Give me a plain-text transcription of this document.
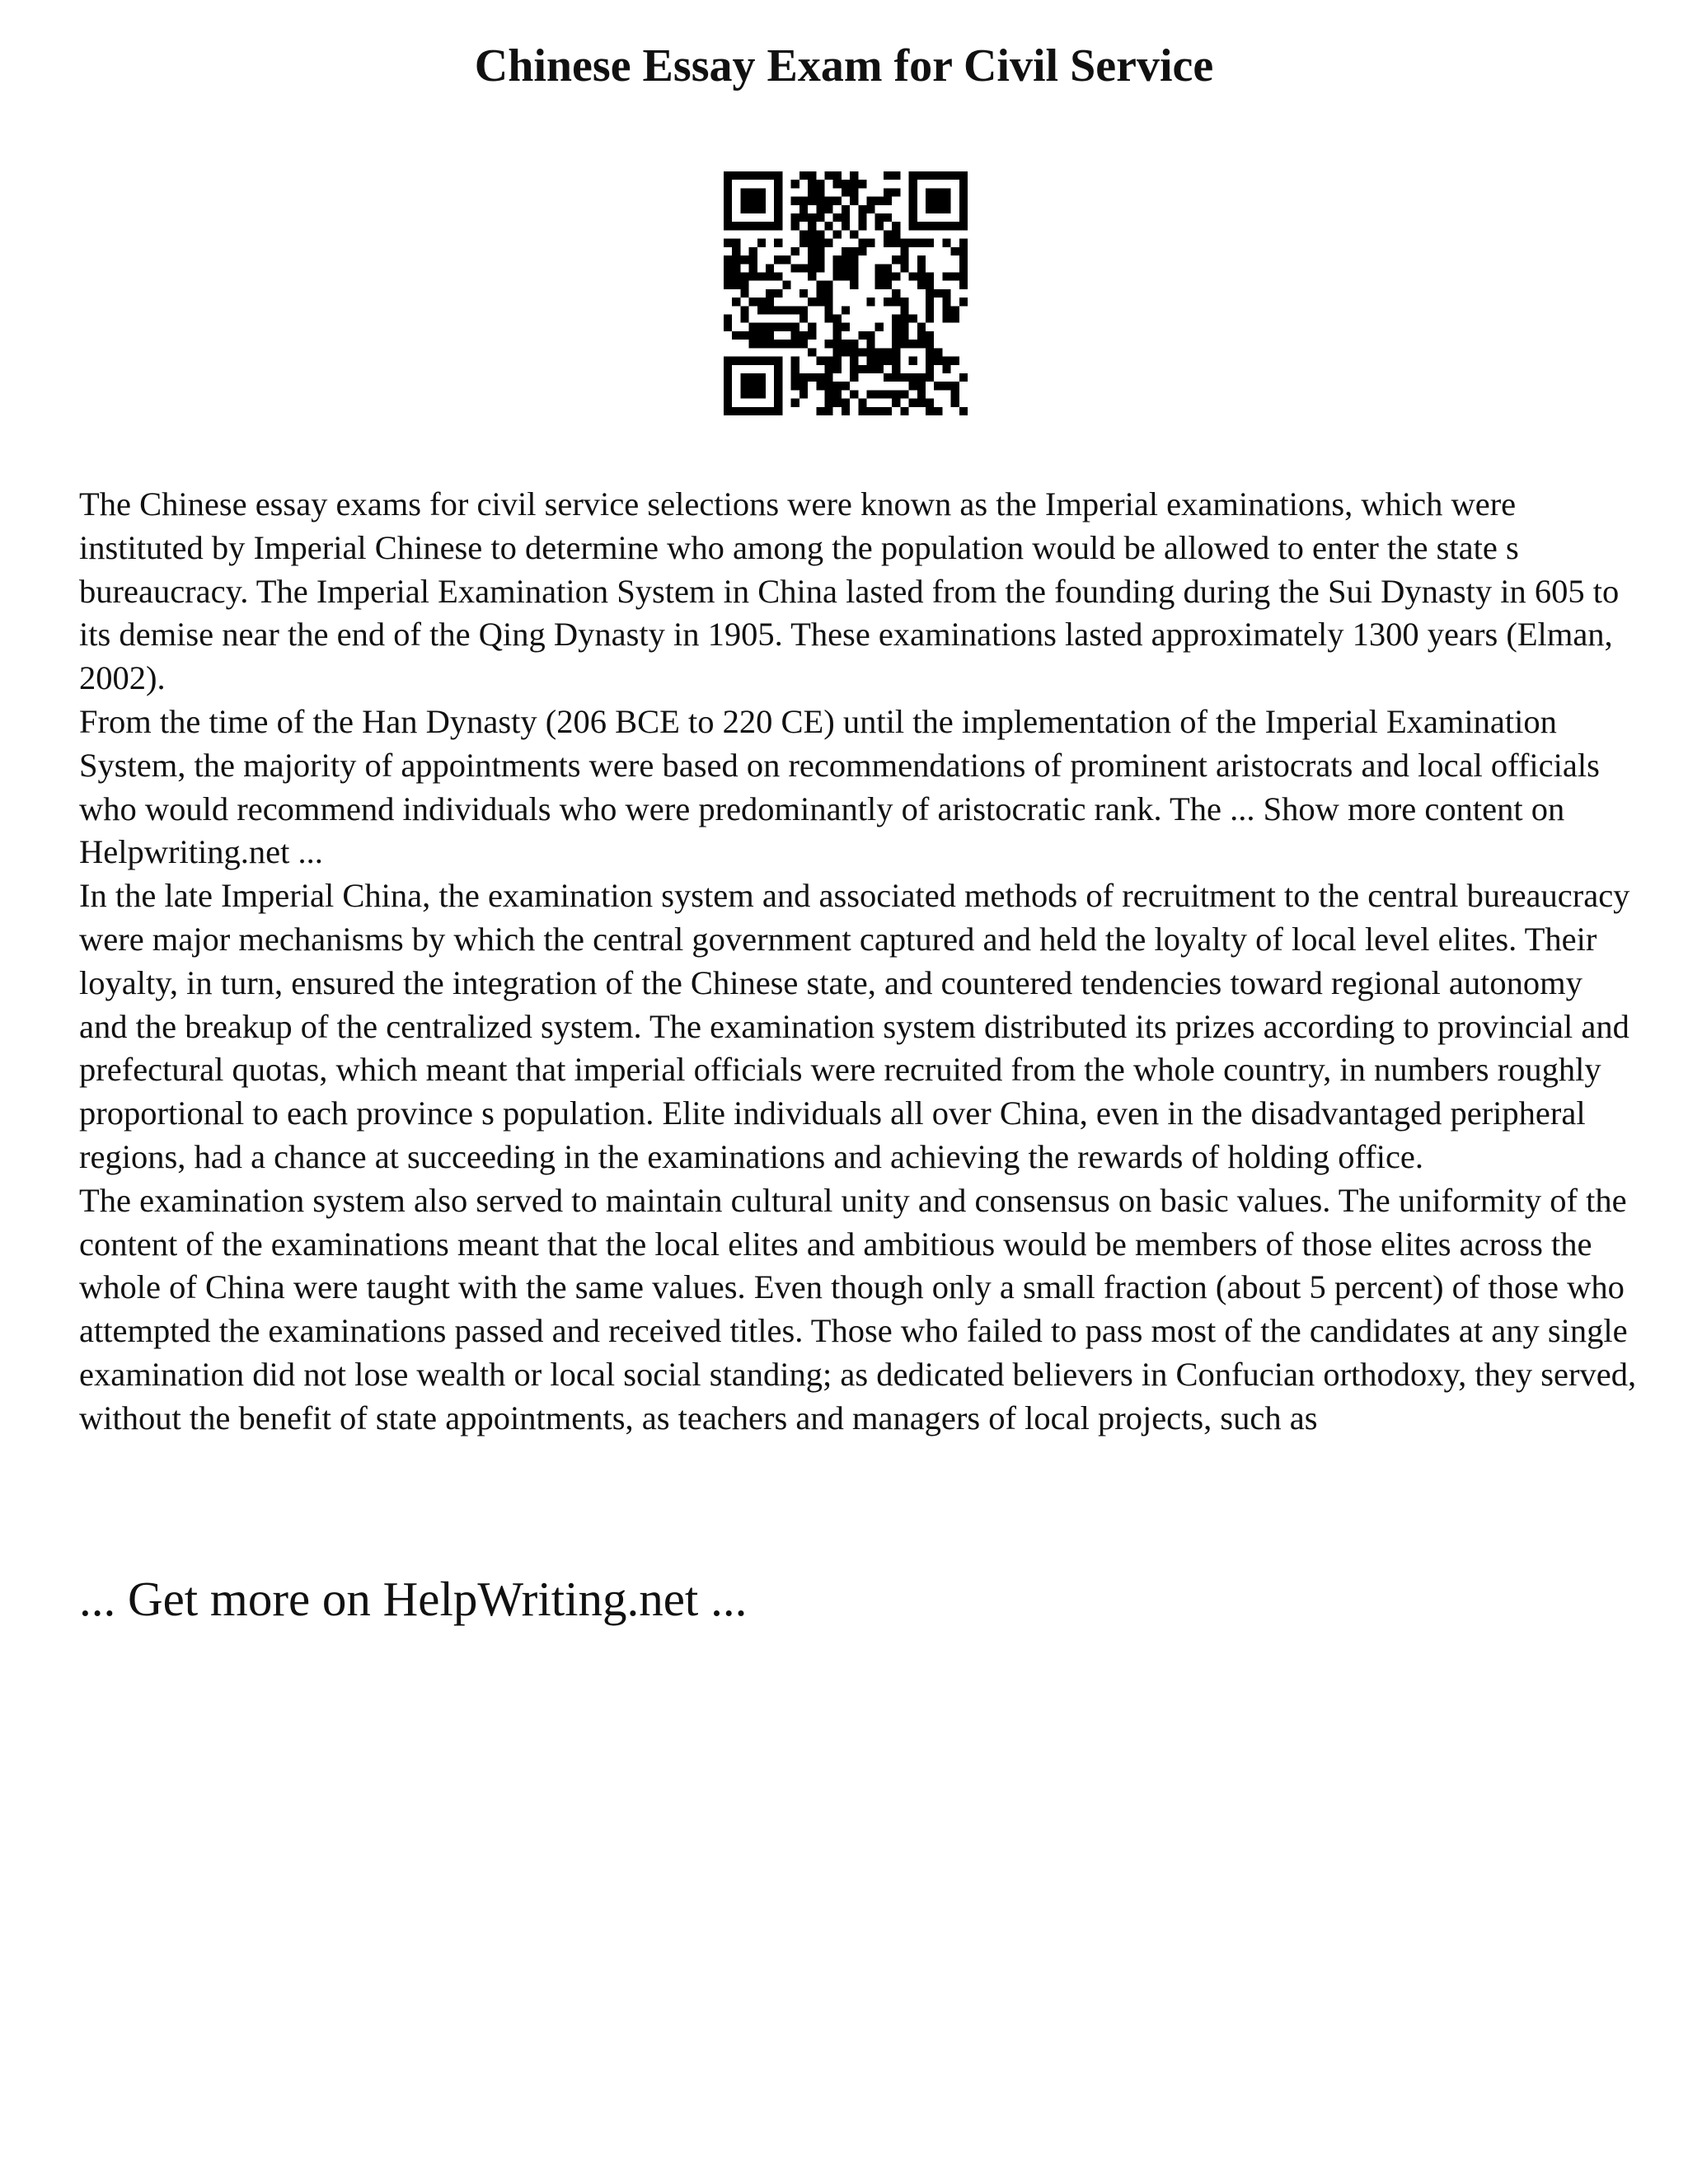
Chinese Essay Exam for Civil Service

The Chinese essay exams for civil service selections were known as the Imperial examinations, which were instituted by Imperial Chinese to determine who among the population would be allowed to enter the state s bureaucracy. The Imperial Examination System in China lasted from the founding during the Sui Dynasty in 605 to its demise near the end of the Qing Dynasty in 1905. These examinations lasted approximately 1300 years (Elman, 2002).

From the time of the Han Dynasty (206 BCE to 220 CE) until the implementation of the Imperial Examination System, the majority of appointments were based on recommendations of prominent aristocrats and local officials who would recommend individuals who were predominantly of aristocratic rank. The ... Show more content on Helpwriting.net ...

In the late Imperial China, the examination system and associated methods of recruitment to the central bureaucracy were major mechanisms by which the central government captured and held the loyalty of local level elites. Their loyalty, in turn, ensured the integration of the Chinese state, and countered tendencies toward regional autonomy and the breakup of the centralized system. The examination system distributed its prizes according to provincial and prefectural quotas, which meant that imperial officials were recruited from the whole country, in numbers roughly proportional to each province s population. Elite individuals all over China, even in the disadvantaged peripheral regions, had a chance at succeeding in the examinations and achieving the rewards of holding office.

The examination system also served to maintain cultural unity and consensus on basic values. The uniformity of the content of the examinations meant that the local elites and ambitious would be members of those elites across the whole of China were taught with the same values. Even though only a small fraction (about 5 percent) of those who attempted the examinations passed and received titles. Those who failed to pass most of the candidates at any single examination did not lose wealth or local social standing; as dedicated believers in Confucian orthodoxy, they served, without the benefit of state appointments, as teachers and managers of local projects, such as

... Get more on HelpWriting.net ...
